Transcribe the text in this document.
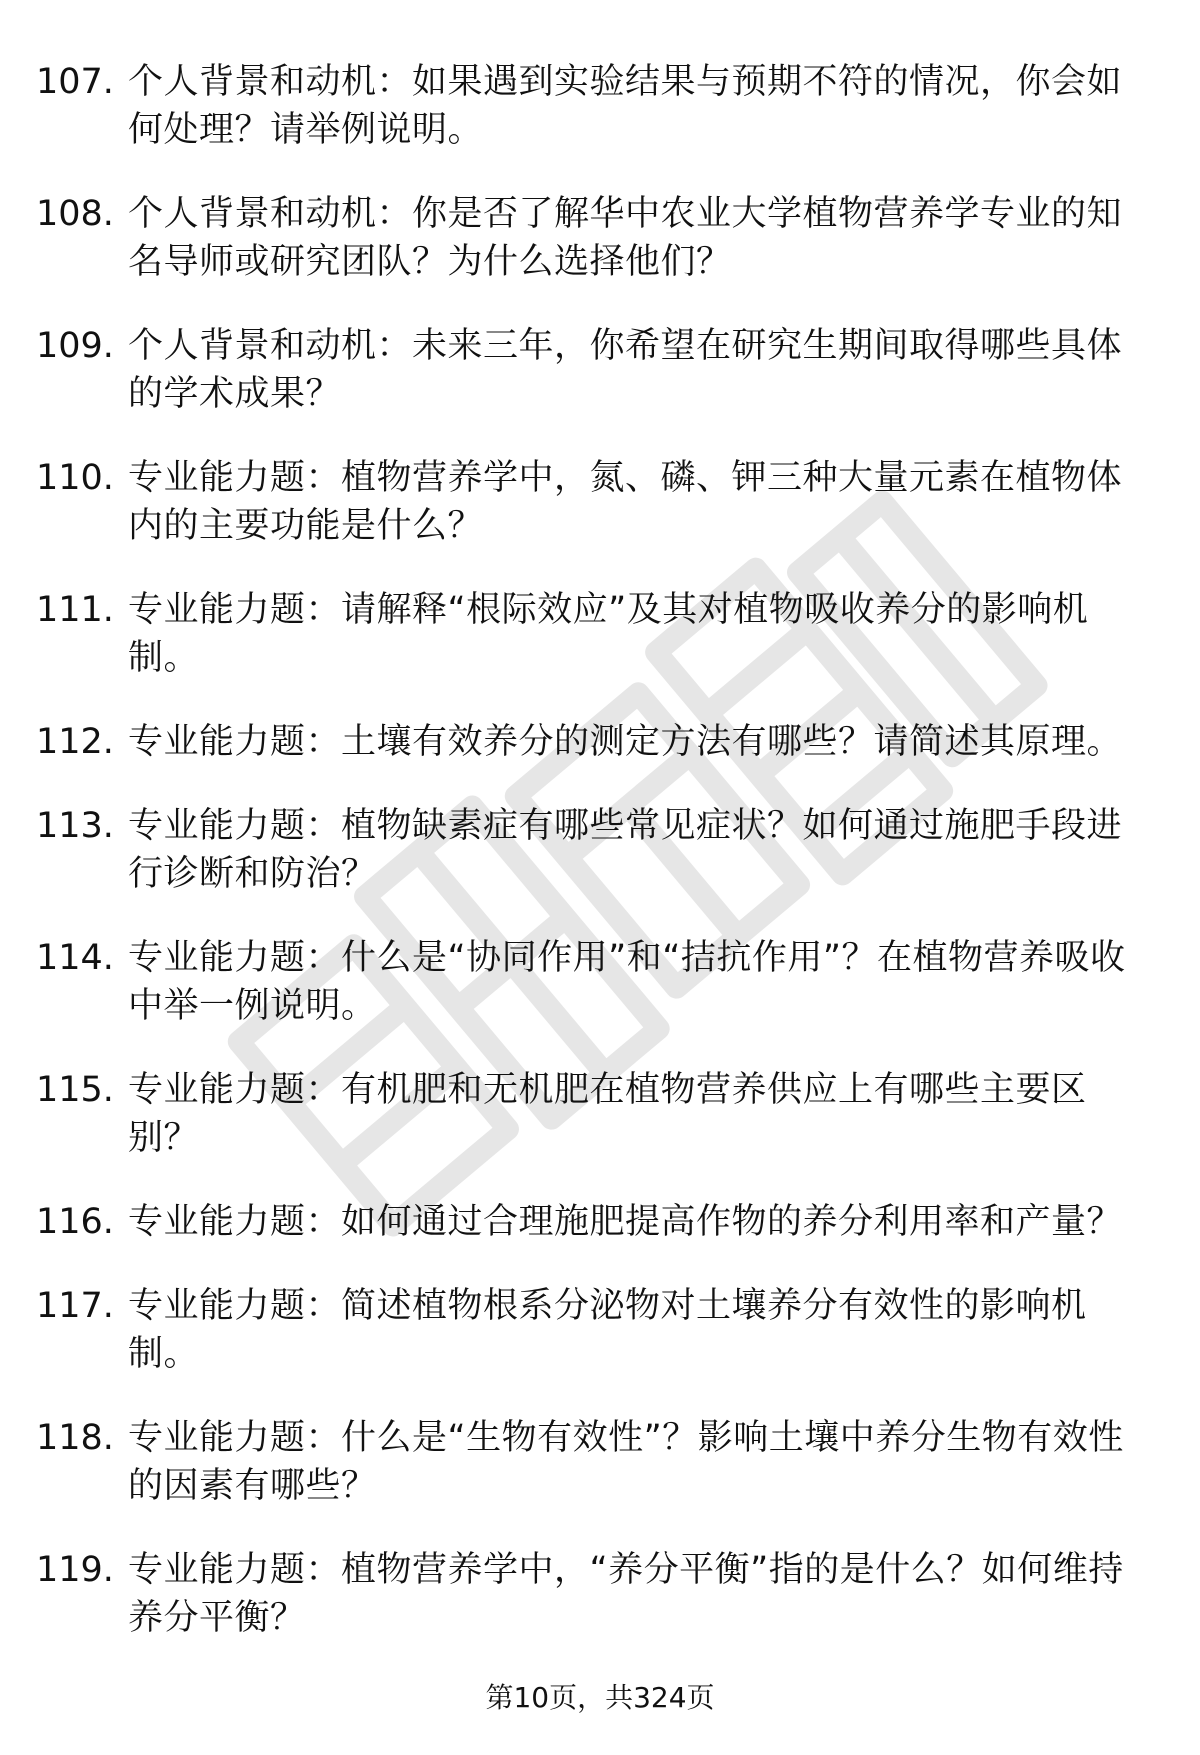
107. 个人背景和动机：如果遇到实验结果与预期不符的情况，你会如何处理？请举例说明。
108. 个人背景和动机：你是否了解华中农业大学植物营养学专业的知名导师或研究团队？为什么选择他们？
109. 个人背景和动机：未来三年，你希望在研究生期间取得哪些具体的学术成果？
110. 专业能力题：植物营养学中，氮、磷、钾三种大量元素在植物体内的主要功能是什么？
111. 专业能力题：请解释“根际效应”及其对植物吸收养分的影响机制。
112. 专业能力题：土壤有效养分的测定方法有哪些？请简述其原理。
113. 专业能力题：植物缺素症有哪些常见症状？如何通过施肥手段进行诊断和防治？
114. 专业能力题：什么是“协同作用”和“拮抗作用”？在植物营养吸收中举一例说明。
115. 专业能力题：有机肥和无机肥在植物营养供应上有哪些主要区别？
116. 专业能力题：如何通过合理施肥提高作物的养分利用率和产量？
117. 专业能力题：简述植物根系分泌物对土壤养分有效性的影响机制。
118. 专业能力题：什么是“生物有效性”？影响土壤中养分生物有效性的因素有哪些？
119. 专业能力题：植物营养学中，“养分平衡”指的是什么？如何维持养分平衡？
第10页，共324页
